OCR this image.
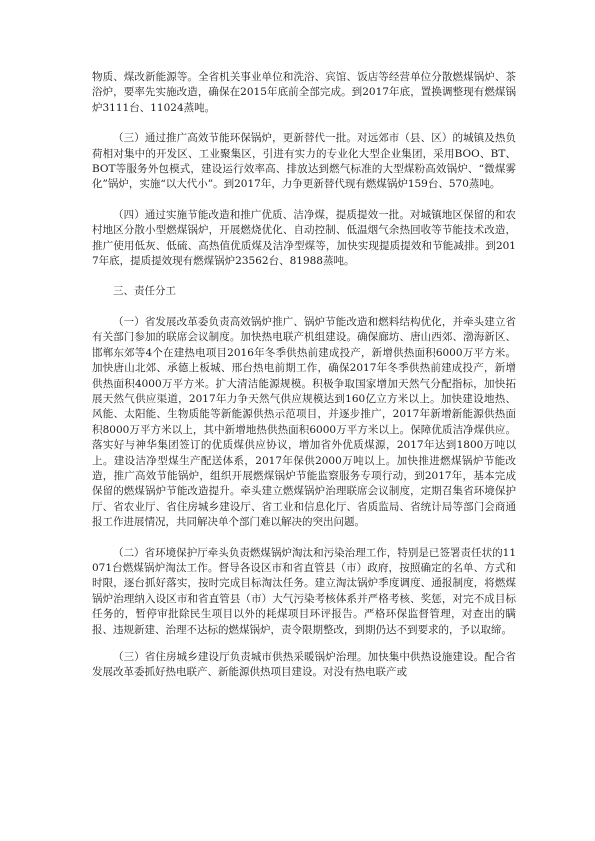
物质、煤改新能源等。全省机关事业单位和洗浴、宾馆、饭店等经营单位分散燃煤锅炉、茶浴炉，要率先实施改造，确保在2015年底前全部完成。到2017年底，置换调整现有燃煤锅炉3111台、11024蒸吨。

（三）通过推广高效节能环保锅炉，更新替代一批。对远郊市（县、区）的城镇及热负荷相对集中的开发区、工业聚集区，引进有实力的专业化大型企业集团，采用BOO、BT、BOT等服务外包模式，建设运行效率高、排放达到燃气标准的大型煤粉高效锅炉、“微煤雾化”锅炉，实施“以大代小”。到2017年，力争更新替代现有燃煤锅炉159台、570蒸吨。

（四）通过实施节能改造和推广优质、洁净煤，提质提效一批。对城镇地区保留的和农村地区分散小型燃煤锅炉，开展燃烧优化、自动控制、低温烟气余热回收等节能技术改造，推广使用低灰、低硫、高热值优质煤及洁净型煤等，加快实现提质提效和节能减排。到2017年底，提质提效现有燃煤锅炉23562台、81988蒸吨。

三、责任分工

（一）省发展改革委负责高效锅炉推广、锅炉节能改造和燃料结构优化，并牵头建立省有关部门参加的联席会议制度。加快热电联产机组建设。确保廊坊、唐山西郊、渤海新区、邯郸东郊等4个在建热电项目2016年冬季供热前建成投产，新增供热面积6000万平方米。加快唐山北郊、承德上板城、邢台热电前期工作，确保2017年冬季供热前建成投产，新增供热面积4000万平方米。扩大清洁能源规模。积极争取国家增加天然气分配指标，加快拓展天然气供应渠道，2017年力争天然气供应规模达到160亿立方米以上。加快建设地热、风能、太阳能、生物质能等新能源供热示范项目，并逐步推广，2017年新增新能源供热面积8000万平方米以上，其中新增地热供热面积6000万平方米以上。保障优质洁净煤供应。落实好与神华集团签订的优质煤供应协议，增加省外优质煤源，2017年达到1800万吨以上。建设洁净型煤生产配送体系，2017年保供2000万吨以上。加快推进燃煤锅炉节能改造，推广高效节能锅炉，组织开展燃煤锅炉节能监察服务专项行动，到2017年，基本完成保留的燃煤锅炉节能改造提升。牵头建立燃煤锅炉治理联席会议制度，定期召集省环境保护厅、省农业厅、省住房城乡建设厅、省工业和信息化厅、省质监局、省统计局等部门会商通报工作进展情况，共同解决单个部门难以解决的突出问题。

（二）省环境保护厅牵头负责燃煤锅炉淘汰和污染治理工作，特别是已签署责任状的11071台燃煤锅炉淘汰工作。督导各设区市和省直管县（市）政府，按照确定的名单、方式和时限，逐台抓好落实，按时完成目标淘汰任务。建立淘汰锅炉季度调度、通报制度，将燃煤锅炉治理纳入设区市和省直管县（市）大气污染考核体系并严格考核、奖惩，对完不成目标任务的，暂停审批除民生项目以外的耗煤项目环评报告。严格环保监督管理，对查出的瞒报、违规新建、治理不达标的燃煤锅炉，责令限期整改，到期仍达不到要求的，予以取缔。

（三）省住房城乡建设厅负责城市供热采暖锅炉治理。加快集中供热设施建设。配合省发展改革委抓好热电联产、新能源供热项目建设。对没有热电联产或
